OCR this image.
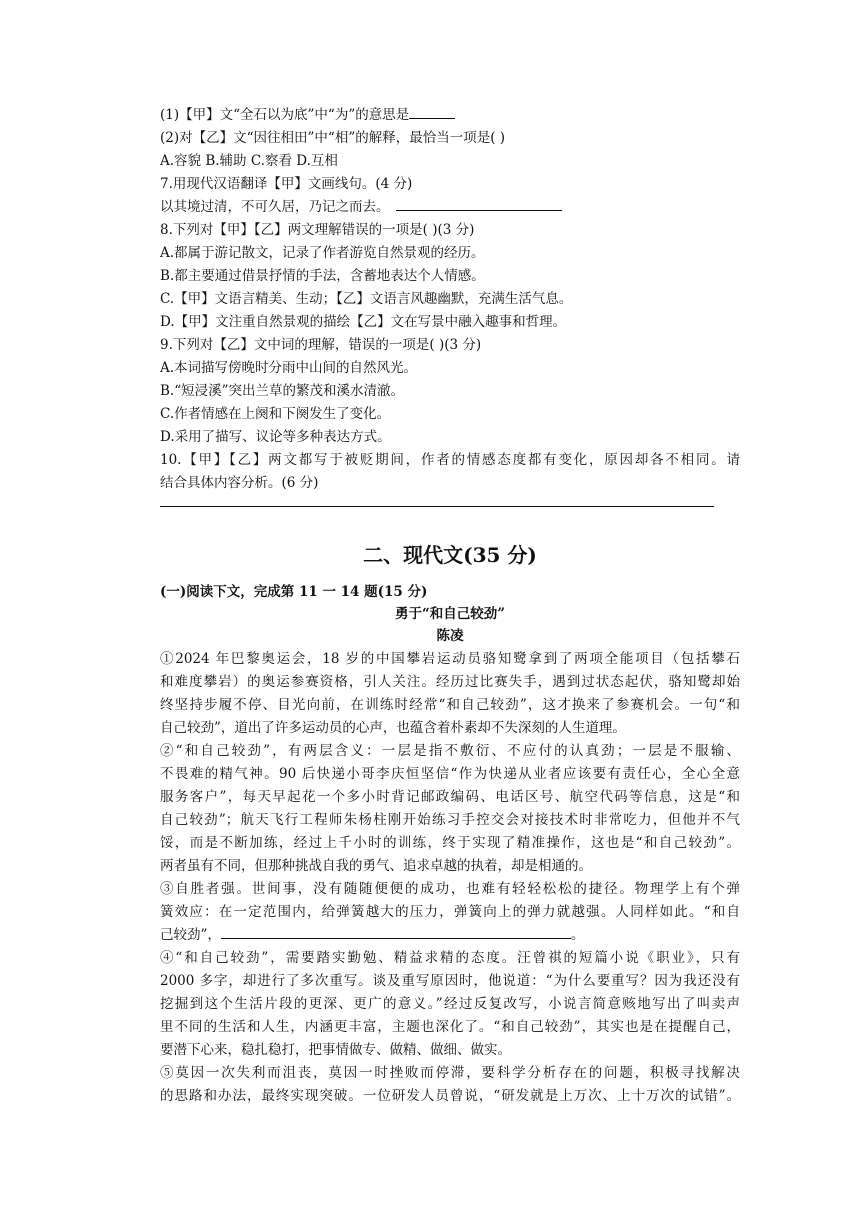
(1)【甲】文“全石以为底”中“为”的意思是
(2)对【乙】文“因往相田”中“相”的解释，最恰当一项是( )
A.容貌 B.辅助 C.察看 D.互相
7.用现代汉语翻译【甲】文画线句。(4 分)
以其境过清，不可久居，乃记之而去。
8.下列对【甲】【乙】两文理解错误的一项是( )(3 分)
A.都属于游记散文，记录了作者游览自然景观的经历。
B.都主要通过借景抒情的手法，含蓄地表达个人情感。
C.【甲】文语言精美、生动；【乙】文语言风趣幽默，充满生活气息。
D.【甲】文注重自然景观的描绘【乙】文在写景中融入趣事和哲理。
9.下列对【乙】文中词的理解，错误的一项是( )(3 分)
A.本词描写傍晚时分雨中山间的自然风光。
B.“短浸溪”突出兰草的繁茂和溪水清澈。
C.作者情感在上阕和下阕发生了变化。
D.采用了描写、议论等多种表达方式。
10.【甲】【乙】两文都写于被贬期间，作者的情感态度都有变化，原因却各不相同。请
结合具体内容分析。(6 分)
二、现代文(35 分)
(一)阅读下文，完成第 11 一 14 题(15 分)
勇于“和自己较劲”
陈凌
①2024 年巴黎奥运会，18 岁的中国攀岩运动员骆知鹭拿到了两项全能项目（包括攀石
和难度攀岩）的奥运参赛资格，引人关注。经历过比赛失手，遇到过状态起伏，骆知鹭却始
终坚持步履不停、目光向前，在训练时经常“和自己较劲”，这才换来了参赛机会。一句“和
自己较劲”，道出了许多运动员的心声，也蕴含着朴素却不失深刻的人生道理。
②“和自己较劲”，有两层含义：一层是指不敷衍、不应付的认真劲；一层是不服输、
不畏难的精气神。90 后快递小哥李庆恒坚信“作为快递从业者应该要有责任心，全心全意
服务客户”，每天早起花一个多小时背记邮政编码、电话区号、航空代码等信息，这是“和
自己较劲”；航天飞行工程师朱杨柱刚开始练习手控交会对接技术时非常吃力，但他并不气
馁，而是不断加练，经过上千小时的训练，终于实现了精准操作，这也是“和自己较劲”。
两者虽有不同，但那种挑战自我的勇气、追求卓越的执着，却是相通的。
③自胜者强。世间事，没有随随便便的成功，也难有轻轻松松的捷径。物理学上有个弹
簧效应：在一定范围内，给弹簧越大的压力，弹簧向上的弹力就越强。人同样如此。“和自
己较劲”，	。
④“和自己较劲”，需要踏实勤勉、精益求精的态度。汪曾祺的短篇小说《职业》，只有
2000 多字，却进行了多次重写。谈及重写原因时，他说道：“为什么要重写？因为我还没有
挖掘到这个生活片段的更深、更广的意义。”经过反复改写，小说言简意赅地写出了叫卖声
里不同的生活和人生，内涵更丰富，主题也深化了。“和自己较劲”，其实也是在提醒自己，
要潜下心来，稳扎稳打，把事情做专、做精、做细、做实。
⑤莫因一次失利而沮丧，莫因一时挫败而停滞，要科学分析存在的问题，积极寻找解决
的思路和办法，最终实现突破。一位研发人员曾说，“研发就是上万次、上十万次的试错”。
